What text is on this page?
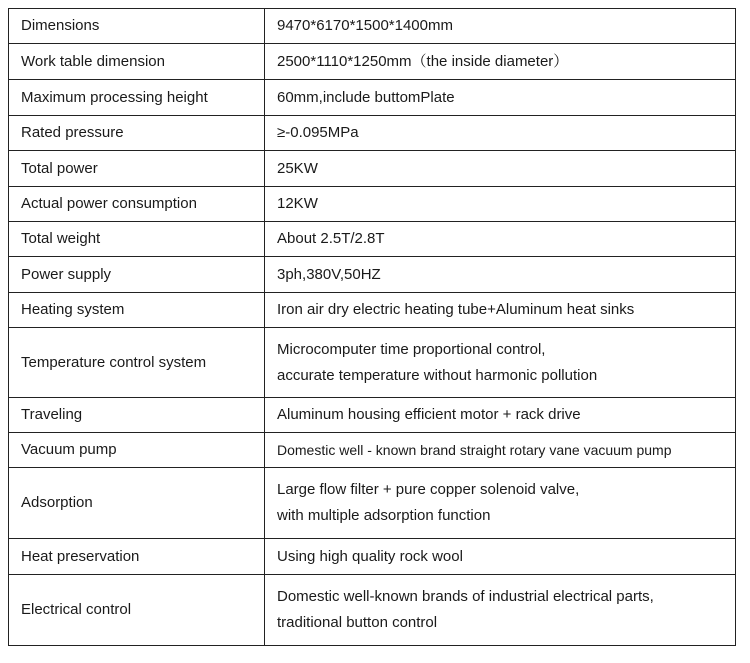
Dimensions	9470*6170*1500*1400mm

Work table dimension	2500*1110*1250mm（the inside diameter）

Maximum processing height	60mm,include buttomPlate

Rated pressure	≥-0.095MPa

Total power	25KW

Actual power consumption	12KW

Total weight	About 2.5T/2.8T

Power supply	3ph,380V,50HZ

Heating system	Iron air dry electric heating tube+Aluminum heat sinks

Temperature control system	Microcomputer time proportional control,
accurate temperature without harmonic pollution

Traveling	Aluminum housing efficient motor + rack drive

Vacuum pump	Domestic well - known brand straight rotary vane vacuum pump

Adsorption	Large flow filter + pure copper solenoid valve,
with multiple adsorption function

Heat preservation	Using high quality rock wool

Electrical control	Domestic well-known brands of industrial electrical parts,
traditional button control
